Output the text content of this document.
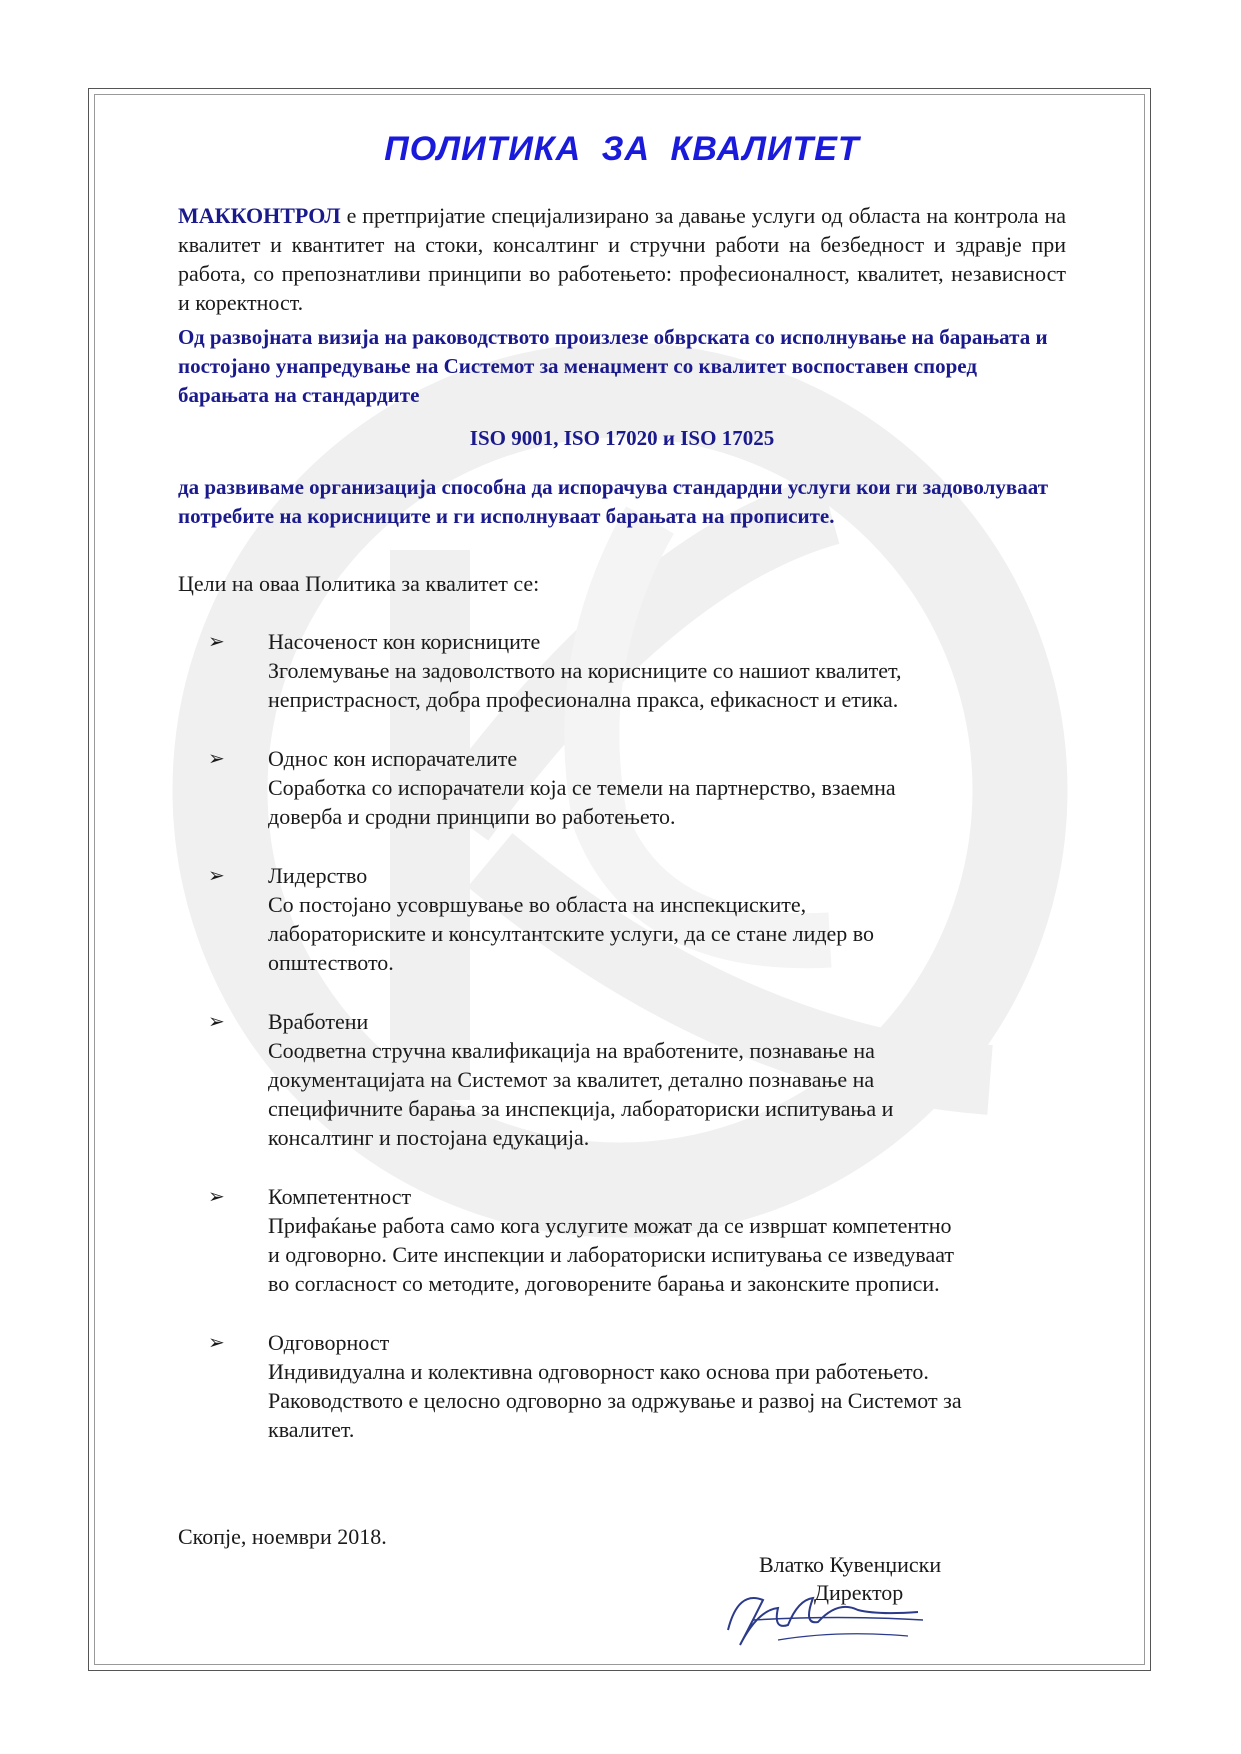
ПОЛИТИКА ЗА КВАЛИТЕТ

МАККОНТРОЛ е претпријатие специјализирано за давање услуги од областа на контрола на квалитет и квантитет на стоки, консалтинг и стручни работи на безбедност и здравје при работа, со препознатливи принципи во работењето: професионалност, квалитет, независност и коректност.

Од развојната визија на раководството произлезе обврската со исполнување на барањата и постојано унапредување на Системот за менаџмент со квалитет воспоставен според барањата на стандардите

ISO 9001, ISO 17020 и ISO 17025

да развиваме организација способна да испорачува стандардни услуги кои ги задоволуваат потребите на корисниците и ги исполнуваат барањата на прописите.

Цели на оваа Политика за квалитет се:
➢ Насоченост кон корисниците
Зголемување на задоволството на корисниците со нашиот квалитет,
непристрасност, добра професионална пракса, ефикасност и етика.
➢ Однос кон испорачателите
Соработка со испорачатели која се темели на партнерство, взаемна
доверба и сродни принципи во работењето.
➢ Лидерство
Со постојано усовршување во областа на инспекциските,
лабораториските и консултантските услуги, да се стане лидер во
општеството.
➢ Вработени
Соодветна стручна квалификација на вработените, познавање на
документацијата на Системот за квалитет, детално познавање на
специфичните барања за инспекција, лабораториски испитувања и
консалтинг и постојана едукација.
➢ Компетентност
Прифаќање работа само кога услугите можат да се извршат компетентно
и одговорно. Сите инспекции и лабораториски испитувања се изведуваат
во согласност со методите, договорените барања и законските прописи.
➢ Одговорност
Индивидуална и колективна одговорност како основа при работењето.
Раководството е целосно одговорно за одржување и развој на Системот за
квалитет.
Скопје, ноември 2018.
Влатко Кувенџиски
Директор
